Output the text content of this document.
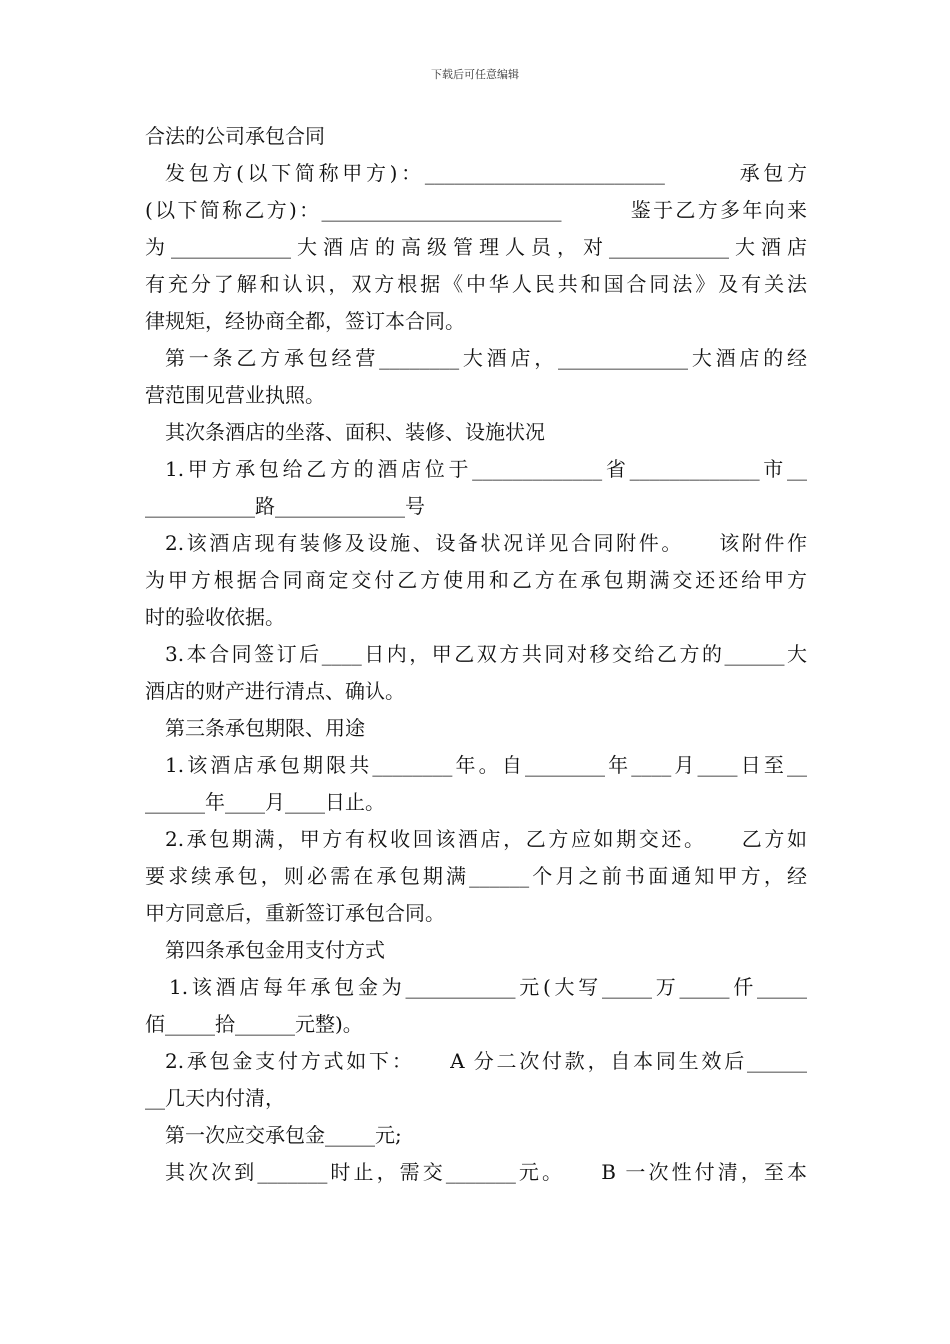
下载后可任意编辑
合法的公司承包合同
发包方(以下简称甲方)：________________________　　　承包方
(以下简称乙方)：________________________　　　鉴于乙方多年向来
为____________大酒店的高级管理人员，对____________大酒店
有充分了解和认识，双方根据《中华人民共和国合同法》及有关法
律规矩，经协商全都，签订本合同。
第一条乙方承包经营________大酒店，_____________大酒店的经
营范围见营业执照。
其次条酒店的坐落、面积、装修、设施状况
1.甲方承包给乙方的酒店位于_____________省_____________市__
___________路_____________号
2.该酒店现有装修及设施、设备状况详见合同附件。　　该附件作
为甲方根据合同商定交付乙方使用和乙方在承包期满交还还给甲方
时的验收依据。
3.本合同签订后____日内，甲乙双方共同对移交给乙方的______大
酒店的财产进行清点、确认。
第三条承包期限、用途
1.该酒店承包期限共________年。自________年____月____日至__
______年____月____日止。
2.承包期满，甲方有权收回该酒店，乙方应如期交还。　　乙方如
要求续承包，则必需在承包期满______个月之前书面通知甲方，经
甲方同意后，重新签订承包合同。
第四条承包金用支付方式
1.该酒店每年承包金为___________元(大写_____万_____仟_____
佰_____拾______元整)。
2.承包金支付方式如下：　　A 分二次付款，自本同生效后______
__几天内付清，
第一次应交承包金_____元;
其次次到_______时止，需交_______元。　　B 一次性付清，至本
